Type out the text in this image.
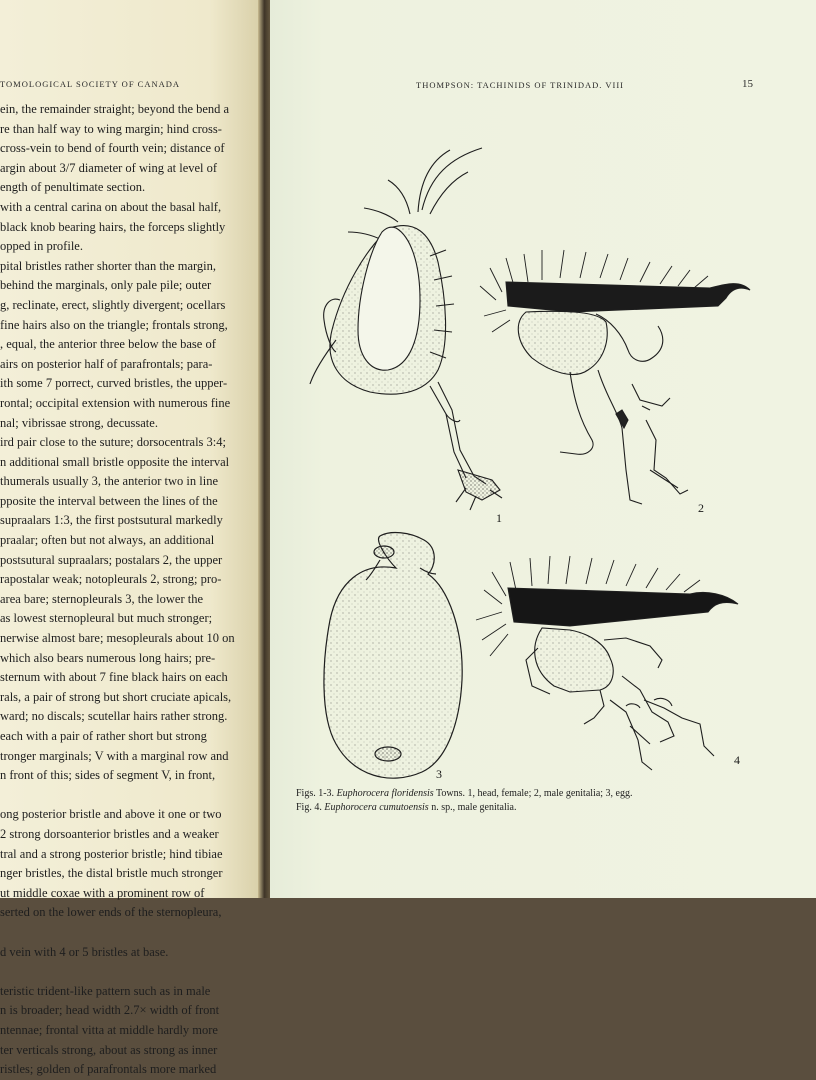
TOMOLOGICAL SOCIETY OF CANADA
ein, the remainder straight; beyond the bend a
re than half way to wing margin; hind cross-
cross-vein to bend of fourth vein; distance of
argin about 3/7 diameter of wing at level of
ength of penultimate section.
with a central carina on about the basal half,
black knob bearing hairs, the forceps slightly
opped in profile.
pital bristles rather shorter than the margin,
behind the marginals, only pale pile; outer
g, reclinate, erect, slightly divergent; ocellars
fine hairs also on the triangle; frontals strong,
, equal, the anterior three below the base of
airs on posterior half of parafrontals; para-
ith some 7 porrect, curved bristles, the upper-
rontal; occipital extension with numerous fine
nal; vibrissae strong, decussate.
ird pair close to the suture; dorsocentrals 3:4;
n additional small bristle opposite the interval
thumerals usually 3, the anterior two in line
pposite the interval between the lines of the
supraalars 1:3, the first postsutural markedly
praalar; often but not always, an additional
postsutural supraalars; postalars 2, the upper
rapostalar weak; notopleurals 2, strong; pro-
area bare; sternopleurals 3, the lower the
as lowest sternopleural but much stronger;
nerwise almost bare; mesopleurals about 10 on
which also bears numerous long hairs; pre-
sternum with about 7 fine black hairs on each
rals, a pair of strong but short cruciate apicals,
ward; no discals; scutellar hairs rather strong.
each with a pair of rather short but strong
tronger marginals; V with a marginal row and
n front of this; sides of segment V, in front,
ong posterior bristle and above it one or two
2 strong dorsoanterior bristles and a weaker
tral and a strong posterior bristle; hind tibiae
nger bristles, the distal bristle much stronger
ut middle coxae with a prominent row of
serted on the lower ends of the sternopleura,
d vein with 4 or 5 bristles at base.
teristic trident-like pattern such as in male
n is broader; head width 2.7× width of front
ntennae; frontal vitta at middle hardly more
ter verticals strong, about as strong as inner
ristles; golden of parafrontals more marked
THOMPSON: TACHINIDS OF TRINIDAD. VIII	15
1
2
3
4
Figs. 1-3. Euphorocera floridensis Towns. 1, head, female; 2, male genitalia; 3, egg.
Fig. 4. Euphorocera cumutoensis n. sp., male genitalia.
